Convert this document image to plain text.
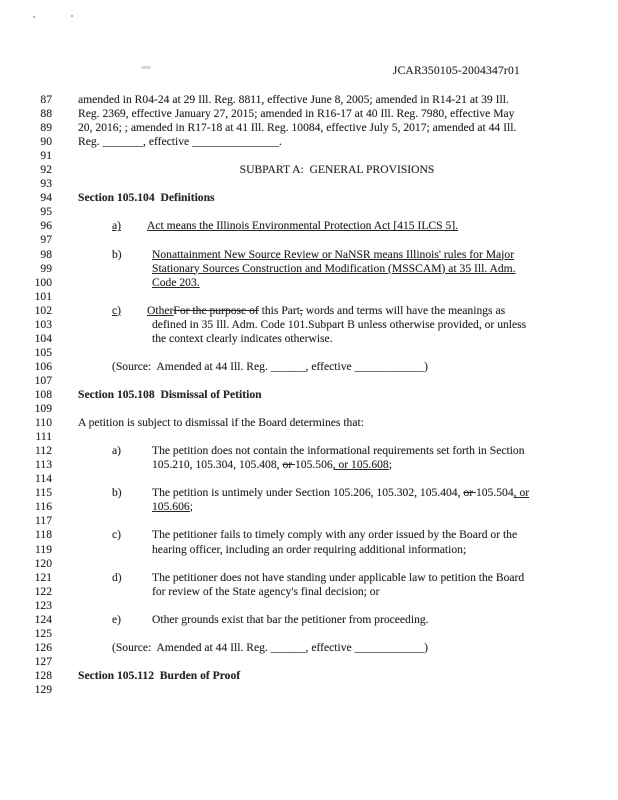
JCAR350105-2004347r01
87 amended in R04-24 at 29 Ill. Reg. 8811, effective June 8, 2005; amended in R14-21 at 39 Ill.
88 Reg. 2369, effective January 27, 2015; amended in R16-17 at 40 Ill. Reg. 7980, effective May
89 20, 2016; ; amended in R17-18 at 41 Ill. Reg. 10084, effective July 5, 2017; amended at 44 Ill.
90 Reg. _______, effective _______________.
91
92	SUBPART A:  GENERAL PROVISIONS
93
94 Section 105.104  Definitions
95
96	a) Act means the Illinois Environmental Protection Act [415 ILCS 5].
97
98	b)	Nonattainment New Source Review or NaNSR means Illinois' rules for Major
99	Stationary Sources Construction and Modification (MSSCAM) at 35 Ill. Adm.
100	Code 203.
101
102	c) OtherFor the purpose of this Part, words and terms will have the meanings as
103	defined in 35 Ill. Adm. Code 101.Subpart B unless otherwise provided, or unless
104	the context clearly indicates otherwise.
105
106	(Source:  Amended at 44 Ill. Reg. ______, effective ____________)
107
108 Section 105.108  Dismissal of Petition
109
110 A petition is subject to dismissal if the Board determines that:
111
112	a)	The petition does not contain the informational requirements set forth in Section
113	105.210, 105.304, 105.408, or 105.506, or 105.608;
114
115	b)	The petition is untimely under Section 105.206, 105.302, 105.404, or 105.504, or
116	105.606;
117
118	c)	The petitioner fails to timely comply with any order issued by the Board or the
119	hearing officer, including an order requiring additional information;
120
121	d)	The petitioner does not have standing under applicable law to petition the Board
122	for review of the State agency's final decision; or
123
124	e)	Other grounds exist that bar the petitioner from proceeding.
125
126	(Source:  Amended at 44 Ill. Reg. ______, effective ____________)
127
128 Section 105.112  Burden of Proof
129
